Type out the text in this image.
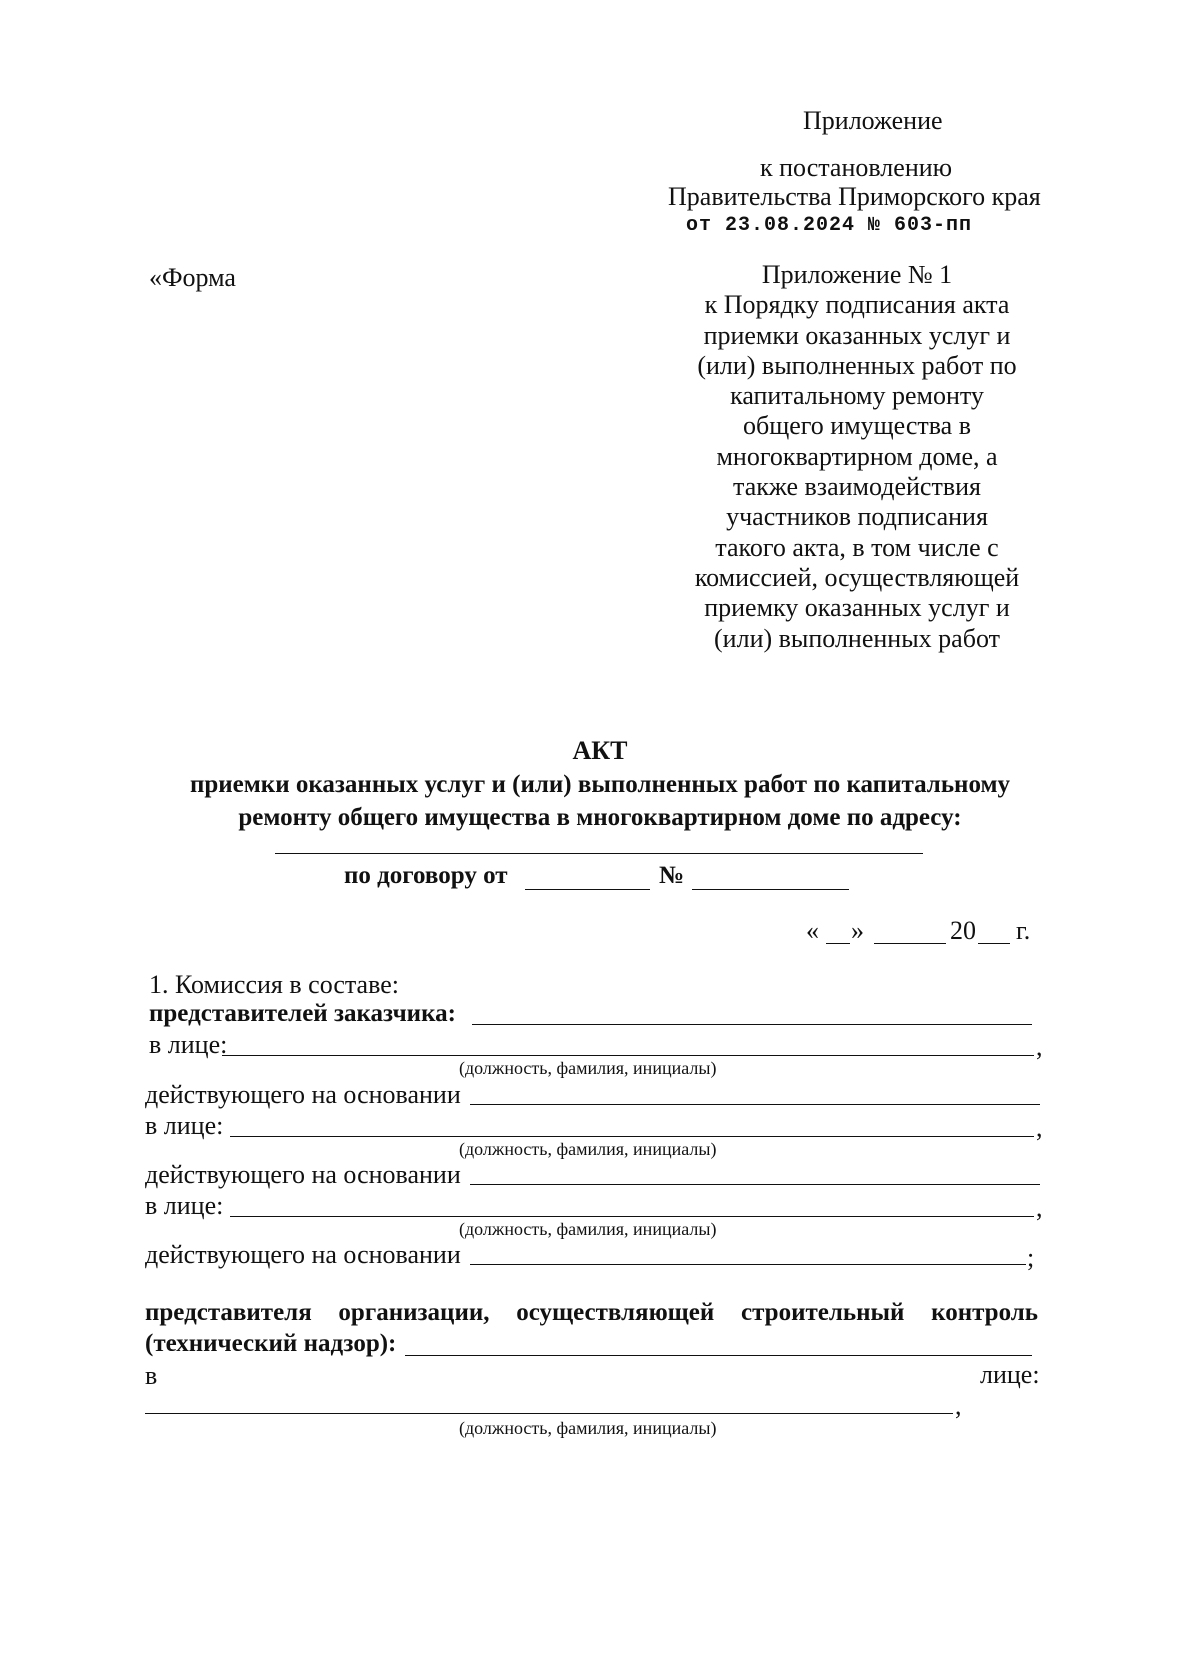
Приложение
к постановлению
Правительства Приморского края
от 23.08.2024 № 603-пп
«Форма	Приложение № 1
к Порядку подписания акта
приемки оказанных услуг и
(или) выполненных работ по
капитальному ремонту
общего имущества в
многоквартирном доме, а
также взаимодействия
участников подписания
такого акта, в том числе с
комиссией, осуществляющей
приемку оказанных услуг и
(или) выполненных работ
АКТ
приемки оказанных услуг и (или) выполненных работ по капитальному
ремонту общего имущества в многоквартирном доме по адресу:
по договору от	№
« »	20 г.
1. Комиссия в составе:
представителей заказчика:
в лице:	,
(должность, фамилия, инициалы)
действующего на основании
в лице:	,
(должность, фамилия, инициалы)
действующего на основании
в лице:	,
(должность, фамилия, инициалы)
действующего на основании	;
представителя организации, осуществляющей строительный контроль
(технический надзор):
в	лице:
,
(должность, фамилия, инициалы)
